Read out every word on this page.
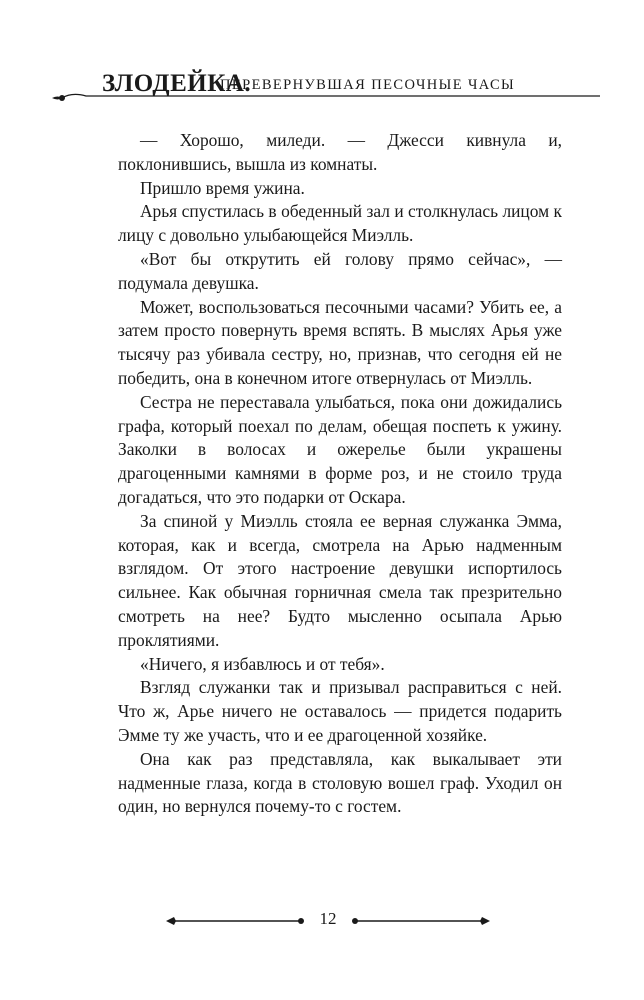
ЗЛОДЕЙКА.
ПЕРЕВЕРНУВШАЯ ПЕСОЧНЫЕ ЧАСЫ

— Хорошо, миледи. — Джесси кивнула и, поклонившись, вышла из комнаты.

Пришло время ужина.

Арья спустилась в обеденный зал и столкнулась лицом к лицу с довольно улыбающейся Миэлль.

«Вот бы открутить ей голову прямо сейчас», — подумала девушка.

Может, воспользоваться песочными часами? Убить ее, а затем просто повернуть время вспять. В мыслях Арья уже тысячу раз убивала сестру, но, признав, что сегодня ей не победить, она в конечном итоге отвернулась от Миэлль.

Сестра не переставала улыбаться, пока они дожидались графа, который поехал по делам, обещая поспеть к ужину. Заколки в волосах и ожерелье были украшены драгоценными камнями в форме роз, и не стоило труда догадаться, что это подарки от Оскара.

За спиной у Миэлль стояла ее верная служанка Эмма, которая, как и всегда, смотрела на Арью надменным взглядом. От этого настроение девушки испортилось сильнее. Как обычная горничная смела так презрительно смотреть на нее? Будто мысленно осыпала Арью проклятиями.

«Ничего, я избавлюсь и от тебя».

Взгляд служанки так и призывал расправиться с ней. Что ж, Арье ничего не оставалось — придется подарить Эмме ту же участь, что и ее драгоценной хозяйке.

Она как раз представляла, как выкалывает эти надменные глаза, когда в столовую вошел граф. Уходил он один, но вернулся почему-то с гостем.

12
